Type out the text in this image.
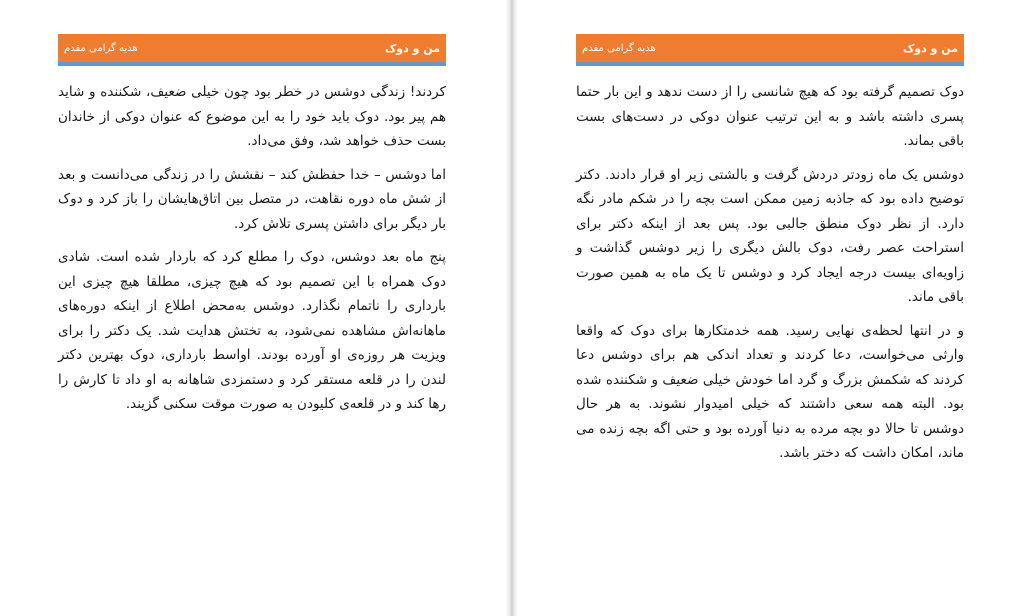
من و دوک
هدیه گرامی مقدم

کردند! زندگی دوشس در خطر بود چون خیلی ضعیف، شکننده و شاید هم پیر بود. دوک باید خود را به این موضوع که عنوان دوکی از خاندان بست حذف خواهد شد، وفق می‌داد.

اما دوشس – خدا حفظش کند – نقشش را در زندگی می‌دانست و بعد از شش ماه دوره نقاهت، در متصل بین اتاق‌هایشان را باز کرد و دوک بار دیگر برای داشتن پسری تلاش کرد.

پنج ماه بعد دوشس، دوک را مطلع کرد که باردار شده است. شادی دوک همراه با این تصمیم بود که هیچ چیزی، مطلقا هیچ چیزی این بارداری را ناتمام نگذارد. دوشس به‌محض اطلاع از اینکه دوره‌های ماهانه‌اش مشاهده نمی‌شود، به تختش هدایت شد. یک دکتر را برای ویزیت هر روزه‌ی او آورده بودند. اواسط بارداری، دوک بهترین دکتر لندن را در قلعه مستقر کرد و دستمزدی شاهانه به او داد تا کارش را رها کند و در قلعه‌ی کلیودن به صورت موقت سکنی گزیند.

من و دوک
هدیه گرامی مقدم

دوک تصمیم گرفته بود که هیچ شانسی را از دست ندهد و این بار حتما پسری داشته باشد و به این ترتیب عنوان دوکی در دست‌های بست باقی بماند.

دوشس یک ماه زودتر دردش گرفت و بالشتی زیر او قرار دادند. دکتر توضیح داده بود که جاذبه زمین ممکن است بچه را در شکم مادر نگه دارد. از نظر دوک منطق جالبی بود. پس بعد از اینکه دکتر برای استراحت عصر رفت، دوک بالش دیگری را زیر دوشس گذاشت و زاویه‌ای بیست درجه ایجاد کرد و دوشس تا یک ماه به همین صورت باقی ماند.

و در انتها لحظه‌ی نهایی رسید. همه خدمتکارها برای دوک که واقعا وارثی می‌خواست، دعا کردند و تعداد اندکی هم برای دوشس دعا کردند که شکمش بزرگ و گرد اما خودش خیلی ضعیف و شکننده شده بود. البته همه سعی داشتند که خیلی امیدوار نشوند. به هر حال دوشس تا حالا دو بچه مرده به دنیا آورده بود و حتی اگه بچه زنده می ماند، امکان داشت که دختر باشد.
